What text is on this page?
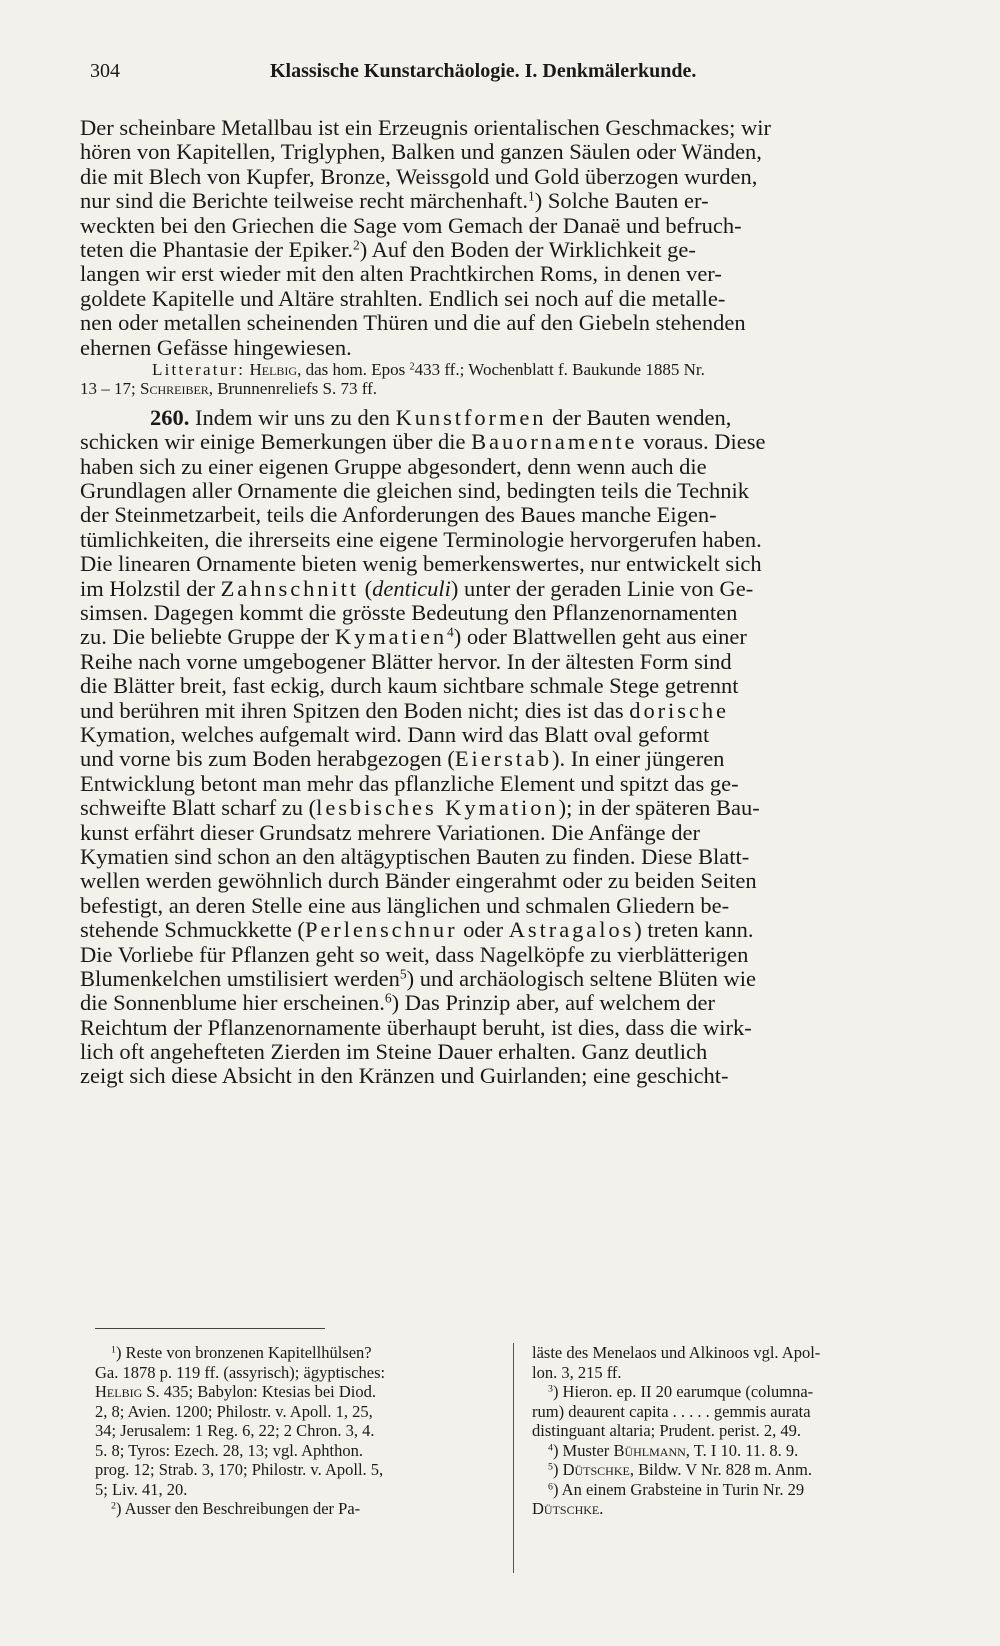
304	Klassische Kunstarchäologie. I. Denkmälerkunde.
Der scheinbare Metallbau ist ein Erzeugnis orientalischen Geschmackes; wir
hören von Kapitellen, Triglyphen, Balken und ganzen Säulen oder Wänden,
die mit Blech von Kupfer, Bronze, Weissgold und Gold überzogen wurden,
nur sind die Berichte teilweise recht märchenhaft.$^1$) Solche Bauten er-
weckten bei den Griechen die Sage vom Gemach der Danaë und befruch-
teten die Phantasie der Epiker.$^2$) Auf den Boden der Wirklichkeit ge-
langen wir erst wieder mit den alten Prachtkirchen Roms, in denen ver-
goldete Kapitelle und Altäre strahlten. Endlich sei noch auf die metalle-
nen oder metallen scheinenden Thüren und die auf den Giebeln stehenden
ehernen Gefässe hingewiesen.
Litteratur: Helbig, das hom. Epos $^2$433 ff.; Wochenblatt f. Baukunde 1885 Nr.
13 – 17; Schreiber, Brunnenreliefs S. 73 ff.
260. Indem wir uns zu den Kunstformen der Bauten wenden,
schicken wir einige Bemerkungen über die Bauornamente voraus. Diese
haben sich zu einer eigenen Gruppe abgesondert, denn wenn auch die
Grundlagen aller Ornamente die gleichen sind, bedingten teils die Technik
der Steinmetzarbeit, teils die Anforderungen des Baues manche Eigen-
tümlichkeiten, die ihrerseits eine eigene Terminologie hervorgerufen haben.
Die linearen Ornamente bieten wenig bemerkenswertes, nur entwickelt sich
im Holzstil der Zahnschnitt (denticuli) unter der geraden Linie von Ge-
simsen. Dagegen kommt die grösste Bedeutung den Pflanzenornamenten
zu. Die beliebte Gruppe der Kymatien$^4$) oder Blattwellen geht aus einer
Reihe nach vorne umgebogener Blätter hervor. In der ältesten Form sind
die Blätter breit, fast eckig, durch kaum sichtbare schmale Stege getrennt
und berühren mit ihren Spitzen den Boden nicht; dies ist das dorische
Kymation, welches aufgemalt wird. Dann wird das Blatt oval geformt
und vorne bis zum Boden herabgezogen (Eierstab). In einer jüngeren
Entwicklung betont man mehr das pflanzliche Element und spitzt das ge-
schweifte Blatt scharf zu (lesbisches Kymation); in der späteren Bau-
kunst erfährt dieser Grundsatz mehrere Variationen. Die Anfänge der
Kymatien sind schon an den altägyptischen Bauten zu finden. Diese Blatt-
wellen werden gewöhnlich durch Bänder eingerahmt oder zu beiden Seiten
befestigt, an deren Stelle eine aus länglichen und schmalen Gliedern be-
stehende Schmuckkette (Perlenschnur oder Astragalos) treten kann.
Die Vorliebe für Pflanzen geht so weit, dass Nagelköpfe zu vierblätterigen
Blumenkelchen umstilisiert werden$^5$) und archäologisch seltene Blüten wie
die Sonnenblume hier erscheinen.$^6$) Das Prinzip aber, auf welchem der
Reichtum der Pflanzenornamente überhaupt beruht, ist dies, dass die wirk-
lich oft angehefteten Zierden im Steine Dauer erhalten. Ganz deutlich
zeigt sich diese Absicht in den Kränzen und Guirlanden; eine geschicht-
$^1$) Reste von bronzenen Kapitellhülsen?
Ga. 1878 p. 119 ff. (assyrisch); ägyptisches:
Helbig S. 435; Babylon: Ktesias bei Diod.
2, 8; Avien. 1200; Philostr. v. Apoll. 1, 25,
34; Jerusalem: 1 Reg. 6, 22; 2 Chron. 3, 4.
5. 8; Tyros: Ezech. 28, 13; vgl. Aphthon.
prog. 12; Strab. 3, 170; Philostr. v. Apoll. 5,
5; Liv. 41, 20.
$^2$) Ausser den Beschreibungen der Pa-
läste des Menelaos und Alkinoos vgl. Apol-
lon. 3, 215 ff.
$^3$) Hieron. ep. II 20 earumque (columna-
rum) deaurent capita . . . . . gemmis aurata
distinguant altaria; Prudent. perist. 2, 49.
$^4$) Muster Bühlmann, T. I 10. 11. 8. 9.
$^5$) Dütschke, Bildw. V Nr. 828 m. Anm.
$^6$) An einem Grabsteine in Turin Nr. 29
Dütschke.
